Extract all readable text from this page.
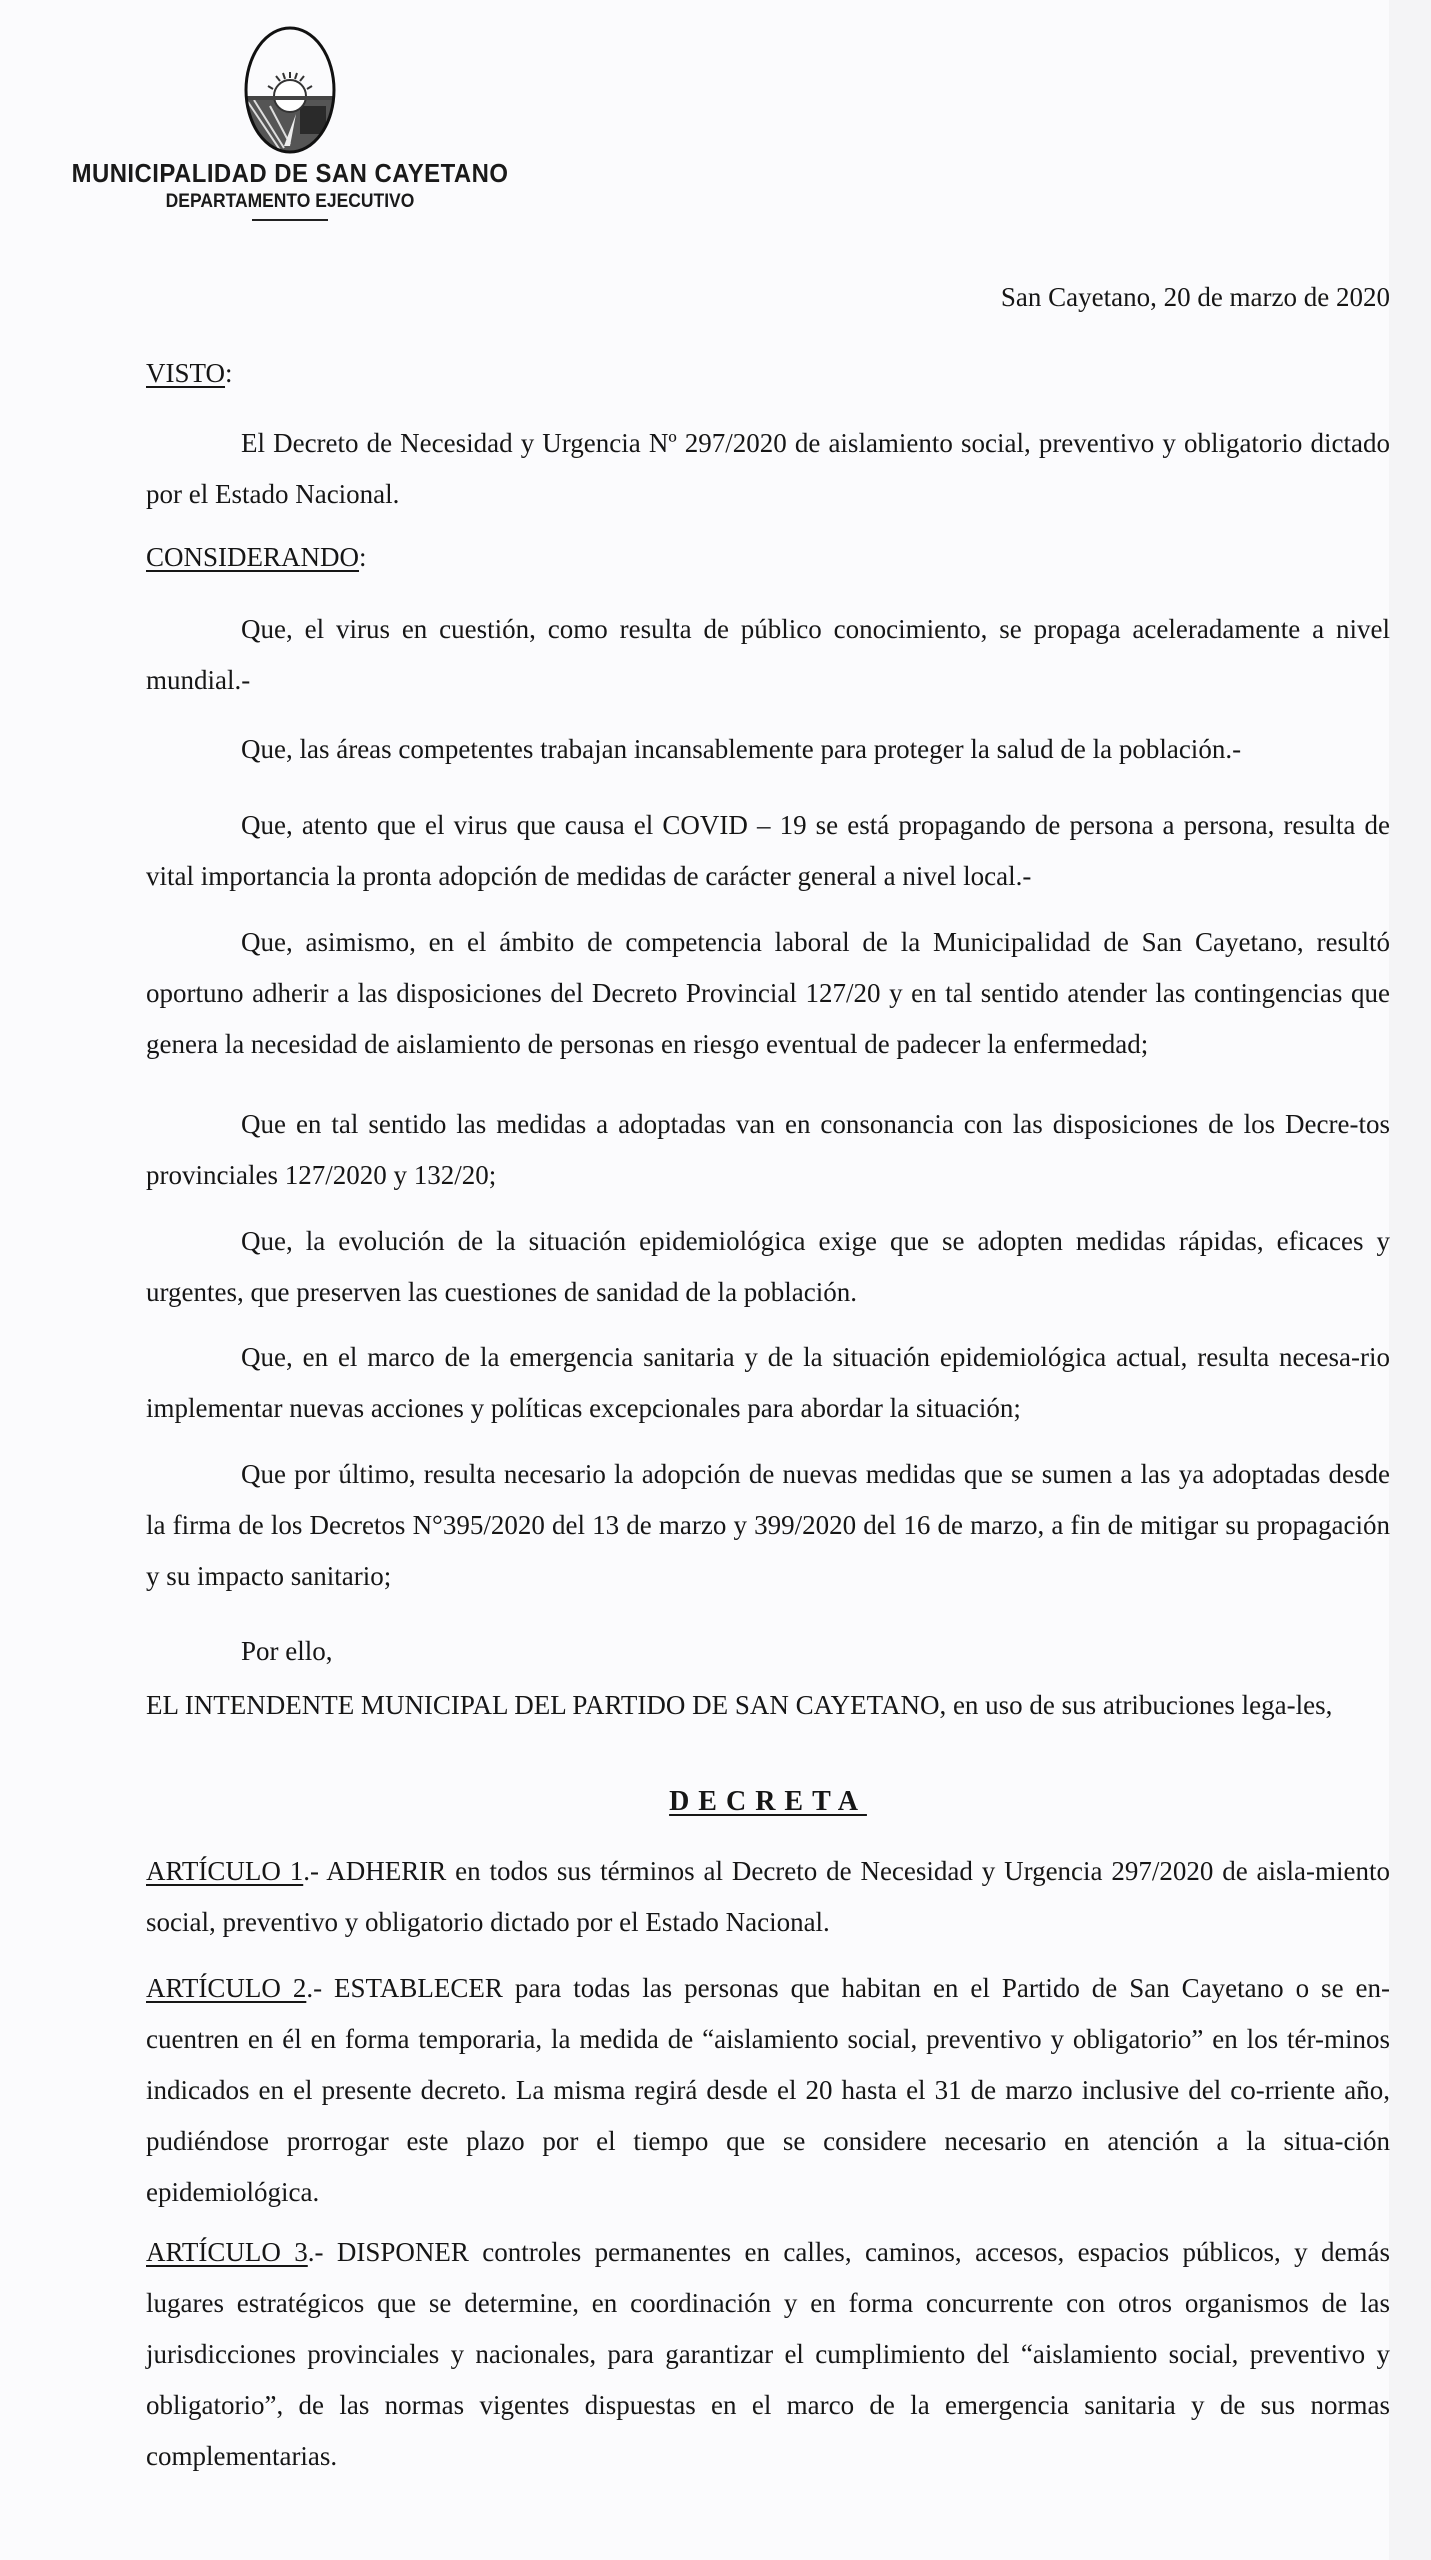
MUNICIPALIDAD DE SAN CAYETANO
DEPARTAMENTO EJECUTIVO
San Cayetano, 20 de marzo de 2020
VISTO:
El Decreto de Necesidad y Urgencia Nº 297/2020 de aislamiento social, preventivo y obligatorio dictado por el Estado Nacional.
CONSIDERANDO:
Que, el virus en cuestión, como resulta de público conocimiento, se propaga aceleradamente a nivel mundial.-
Que, las áreas competentes trabajan incansablemente para proteger la salud de la población.-
Que, atento que el virus que causa el COVID – 19 se está propagando de persona a persona, resulta de vital importancia la pronta adopción de medidas de carácter general a nivel local.-
Que, asimismo, en el ámbito de competencia laboral de la Municipalidad de San Cayetano, resultó oportuno adherir a las disposiciones del Decreto Provincial 127/20 y en tal sentido atender las contingencias que genera la necesidad de aislamiento de personas en riesgo eventual de padecer la enfermedad;
Que en tal sentido las medidas a adoptadas van en consonancia con las disposiciones de los Decre-tos provinciales 127/2020 y 132/20;
Que, la evolución de la situación epidemiológica exige que se adopten medidas rápidas, eficaces y urgentes, que preserven las cuestiones de sanidad de la población.
Que, en el marco de la emergencia sanitaria y de la situación epidemiológica actual, resulta necesa-rio implementar nuevas acciones y políticas excepcionales para abordar la situación;
Que por último, resulta necesario la adopción de nuevas medidas que se sumen a las ya adoptadas desde la firma de los Decretos N°395/2020 del 13 de marzo y 399/2020 del 16 de marzo, a fin de mitigar su propagación y su impacto sanitario;
Por ello,
EL INTENDENTE MUNICIPAL DEL PARTIDO DE SAN CAYETANO, en uso de sus atribuciones lega-les,
DECRETA
ARTÍCULO 1.- ADHERIR en todos sus términos al Decreto de Necesidad y Urgencia 297/2020 de aisla-miento social, preventivo y obligatorio dictado por el Estado Nacional.
ARTÍCULO 2.- ESTABLECER para todas las personas que habitan en el Partido de San Cayetano o se en-cuentren en él en forma temporaria, la medida de “aislamiento social, preventivo y obligatorio” en los tér-minos indicados en el presente decreto. La misma regirá desde el 20 hasta el 31 de marzo inclusive del co-rriente año, pudiéndose prorrogar este plazo por el tiempo que se considere necesario en atención a la situa-ción epidemiológica.
ARTÍCULO 3.- DISPONER controles permanentes en calles, caminos, accesos, espacios públicos, y demás lugares estratégicos que se determine, en coordinación y en forma concurrente con otros organismos de las jurisdicciones provinciales y nacionales, para garantizar el cumplimiento del “aislamiento social, preventivo y obligatorio”, de las normas vigentes dispuestas en el marco de la emergencia sanitaria y de sus normas complementarias.
